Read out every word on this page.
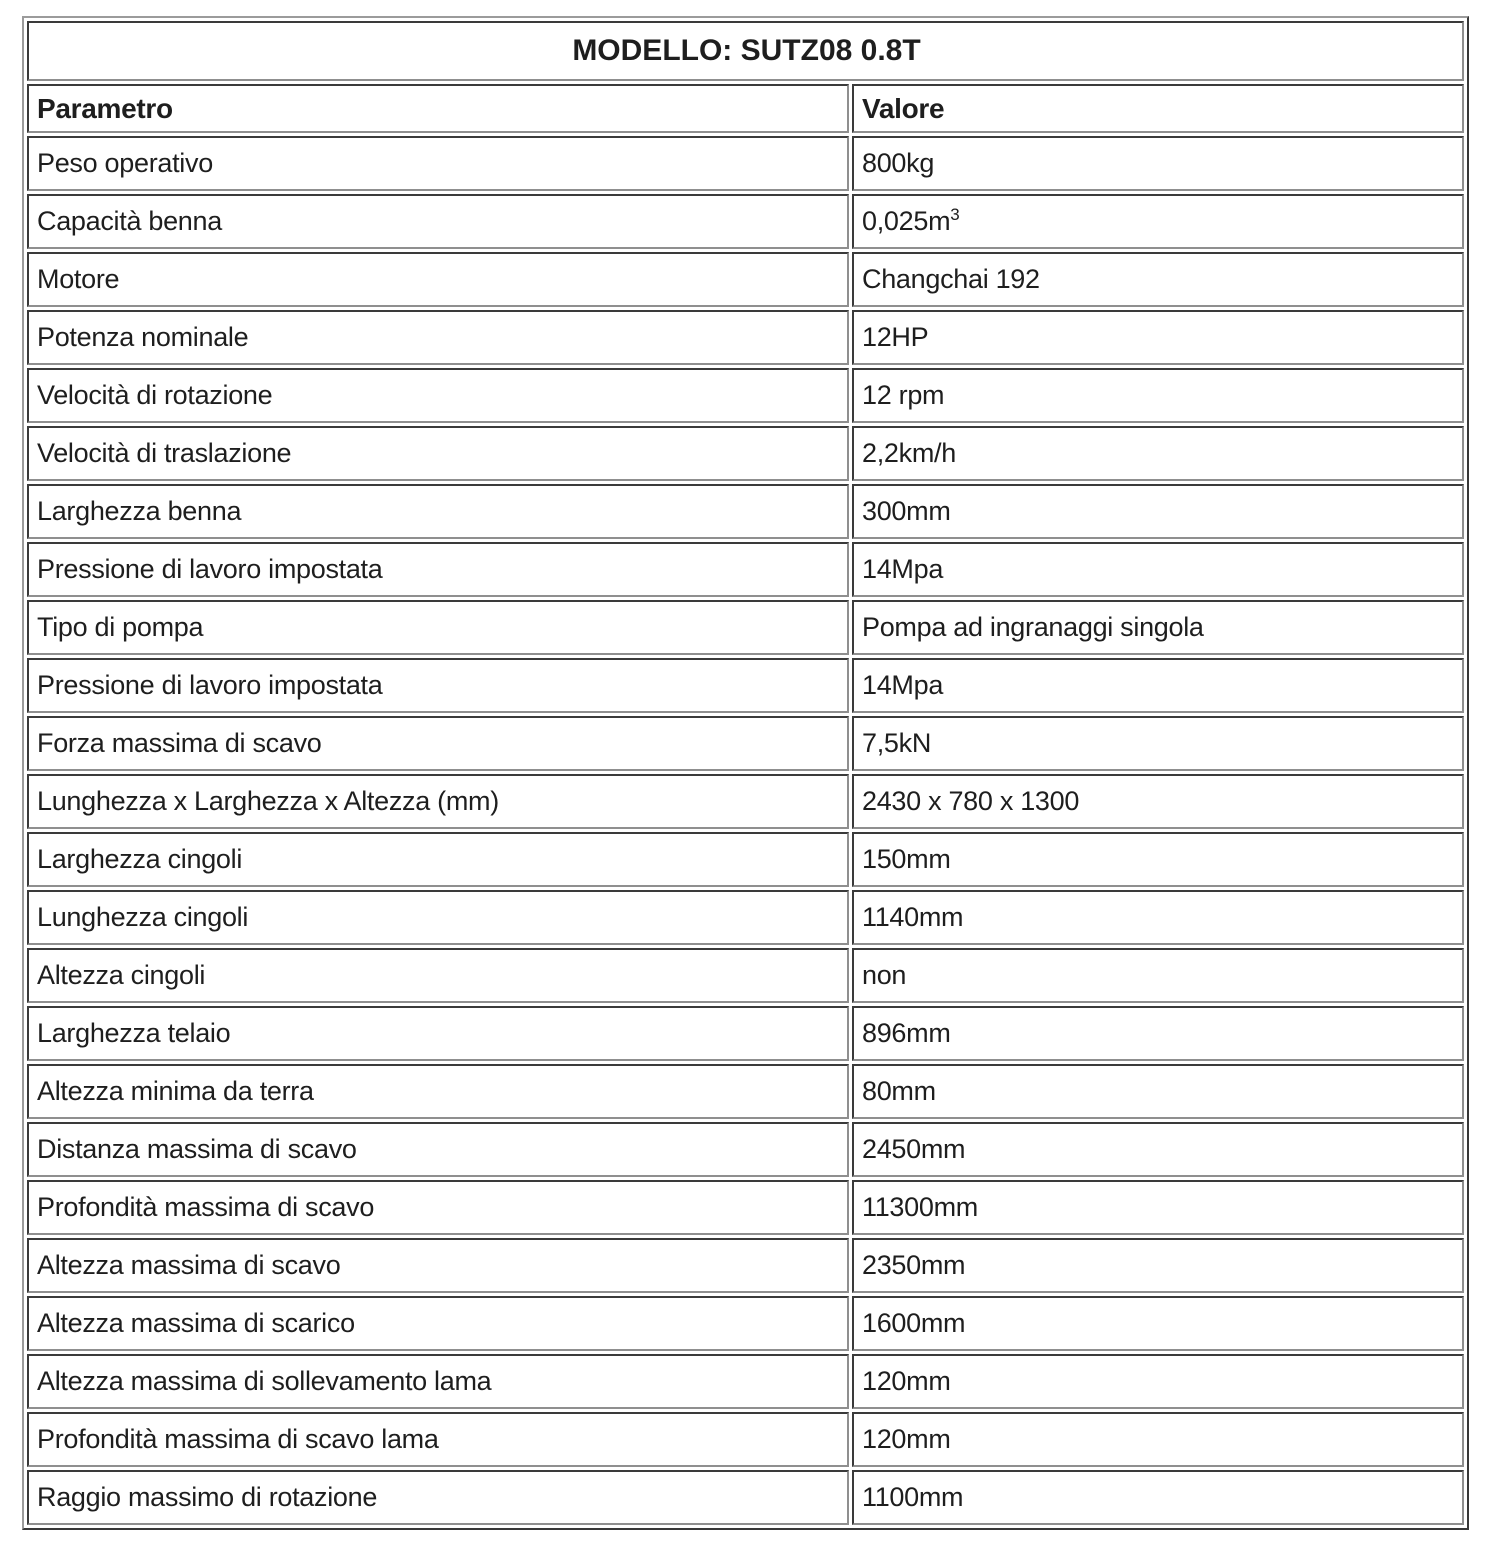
MODELLO: SUTZ08 0.8T	
Parametro	Valore
Peso operativo	800kg
Capacità benna	$0,025m^3$
Motore	Changchai 192
Potenza nominale	12HP
Velocità di rotazione	12 rpm
Velocità di traslazione	2,2km/h
Larghezza benna	300mm
Pressione di lavoro impostata	14Mpa
Tipo di pompa	Pompa ad ingranaggi singola
Pressione di lavoro impostata	14Mpa
Forza massima di scavo	7,5kN
Lunghezza x Larghezza x Altezza (mm)	2430 x 780 x 1300
Larghezza cingoli	150mm
Lunghezza cingoli	1140mm
Altezza cingoli	non
Larghezza telaio	896mm
Altezza minima da terra	80mm
Distanza massima di scavo	2450mm
Profondità massima di scavo	11300mm
Altezza massima di scavo	2350mm
Altezza massima di scarico	1600mm
Altezza massima di sollevamento lama	120mm
Profondità massima di scavo lama	120mm
Raggio massimo di rotazione	1100mm
